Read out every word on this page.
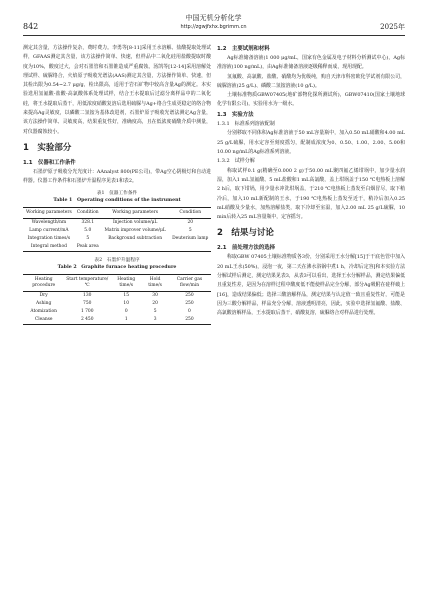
842
中国无机分析化学
http://zgwjfxhx.bgrimm.cn	2025年

测定其含量，方法操作复杂，费时费力。李勇等[8-11]采用王水溶解、盐酸提取处理试样，GFAAS测定其含量，该方法操作简单、快速，但样品中二氧化硅用盐酸提取时酸度为10%，酸度过大，会对石墨管和石墨锥造成严重腐蚀。汤凯等[12-14]采用溶解处理试样、硫脲络合，火焰原子吸收光谱法(AAS)测定其含量，方法操作简单、快速，但其检出限为0.54~2.7 μg/g，检出限高，适用于岩石矿物中较高含量Ag的测定。本实验选用氢氟酸-盐酸-高氯酸体系处理试样，结合王水提取后过滤分离样品中的二氧化硅，将王水提取后蒸干，用低浓度硝酸复溶后选用硫脲与Ag+络合生成更稳定的络合物来提高Ag灵敏度，以磷酸二氢铵为基体改进剂，石墨炉原子吸收光谱法测定Ag含量，该方法操作简单、灵敏度高，结果重复性好，准确度高，且在低浓度硝酸介质中测量，对仪器腐蚀较小。

1　实验部分
1.1　仪器和工作条件

石墨炉原子吸收分光光度计：AAnalyst 800(PE公司)，带Ag空心阴极灯和自动进样器。仪器工作条件和石墨炉升温程序见表1和表2。

表1　仪器工作条件
Table 1　Operating conditions of the instrument
Working parameters	Condition	Working parameters	Condition
Wavelength/nm	328.1	Injection volume/μL	20
Lamp current/mA	5.0	Matrix improver volume/μL	5
Integration times/s	5	Background subtraction	Deuterium lamp
Integral method	Peak area		
表2　石墨炉升温程序
Table 2　Graphite furnace heating procedure
Heating procedure	Start temperature/℃	Heating time/s	Hold time/s	Carrier gas flow/min
Dry	130	15	30	250
Ashing	750	10	20	250
Atomization	1 700	0	5	0
Cleanse	2 450	1	3	250
1.2　主要试剂和材料

Ag标准储备溶液(1 000 μg/mL，国家有色金属及电子材料分析测试中心)，Ag标准溶液(100 ng/mL)，由Ag标准储备溶液逐级稀释而成，现用现配。

氢氟酸、高氯酸、盐酸、硝酸均为优级纯，购自天津市科密欧化学试剂有限公司，硫脲溶液(25 g/L)、磷酸二氢铵溶液(10 g/L)。

土壤标准物质GBW07405(地矿部物化探所测试所)，GBW07410(国家土壤地球化学有限公司)，实验用水为一级水。

1.3　实验方法
1.3.1　标准系列溶液配制

分别移取不同体积Ag标准溶液于50 mL容量瓶中，加入0.50 mL硝酸和4.00 mL 25 g/L硫脲，用水定容至刻度摇匀，配制成浓度为0、0.50、1.00、2.00、5.00和10.00 ng/mL的Ag标准系列溶液。

1.3.2　试样分解

称取试样0.1 g(精确至0.000 2 g)于50.00 mL聚四氟乙烯坩埚中，加少量水润湿，加入1 mL氢氟酸、5 mL盐酸和1 mL高氯酸，盖上坩埚盖于150 ℃电热板上溶解2 h后，取下坩埚，用少量水冲洗坩埚盖，于210 ℃电热板上蒸发至白烟冒尽，取下稍冷后，加入10 mL新配制的王水，于190 ℃电热板上蒸发至近干，稍冷后加入0.25 mL硝酸及少量水，加热溶解盐类，取下冷却至室温，加入2.00 mL 25 g/L硫脲，10 min后转入25 mL容量瓶中，定容摇匀。

2　结果与讨论
2.1　前处理方法的选择

称取GBW 07405土壤标准物质各3份，分别采用王水分解[15]于干底色管中加入20 mL王水(50%)，浸泡一夜，第二天在沸水浴锅中煮1 h，冷却后定容]和本实验方法分解试样后测定，测定结果见表3，从表3可以看出，选择王水分解样品，测定结果偏低且重复性差，是因为在溶样过程中酸度低不能使样品完全分解，部分Ag吸附在硅样破上[16]，造成结果偏低；选择三酸溶解样品，测定结果与认定值一致且重复性好，可能是因为三酸分解样品，样品充分分解，溶液透明清亮，因此，实验中选择氢氟酸、盐酸、高氯酸溶解样品，王水提取后蒸干，硝酸复溶，硫脲络合对样品进行处理。
